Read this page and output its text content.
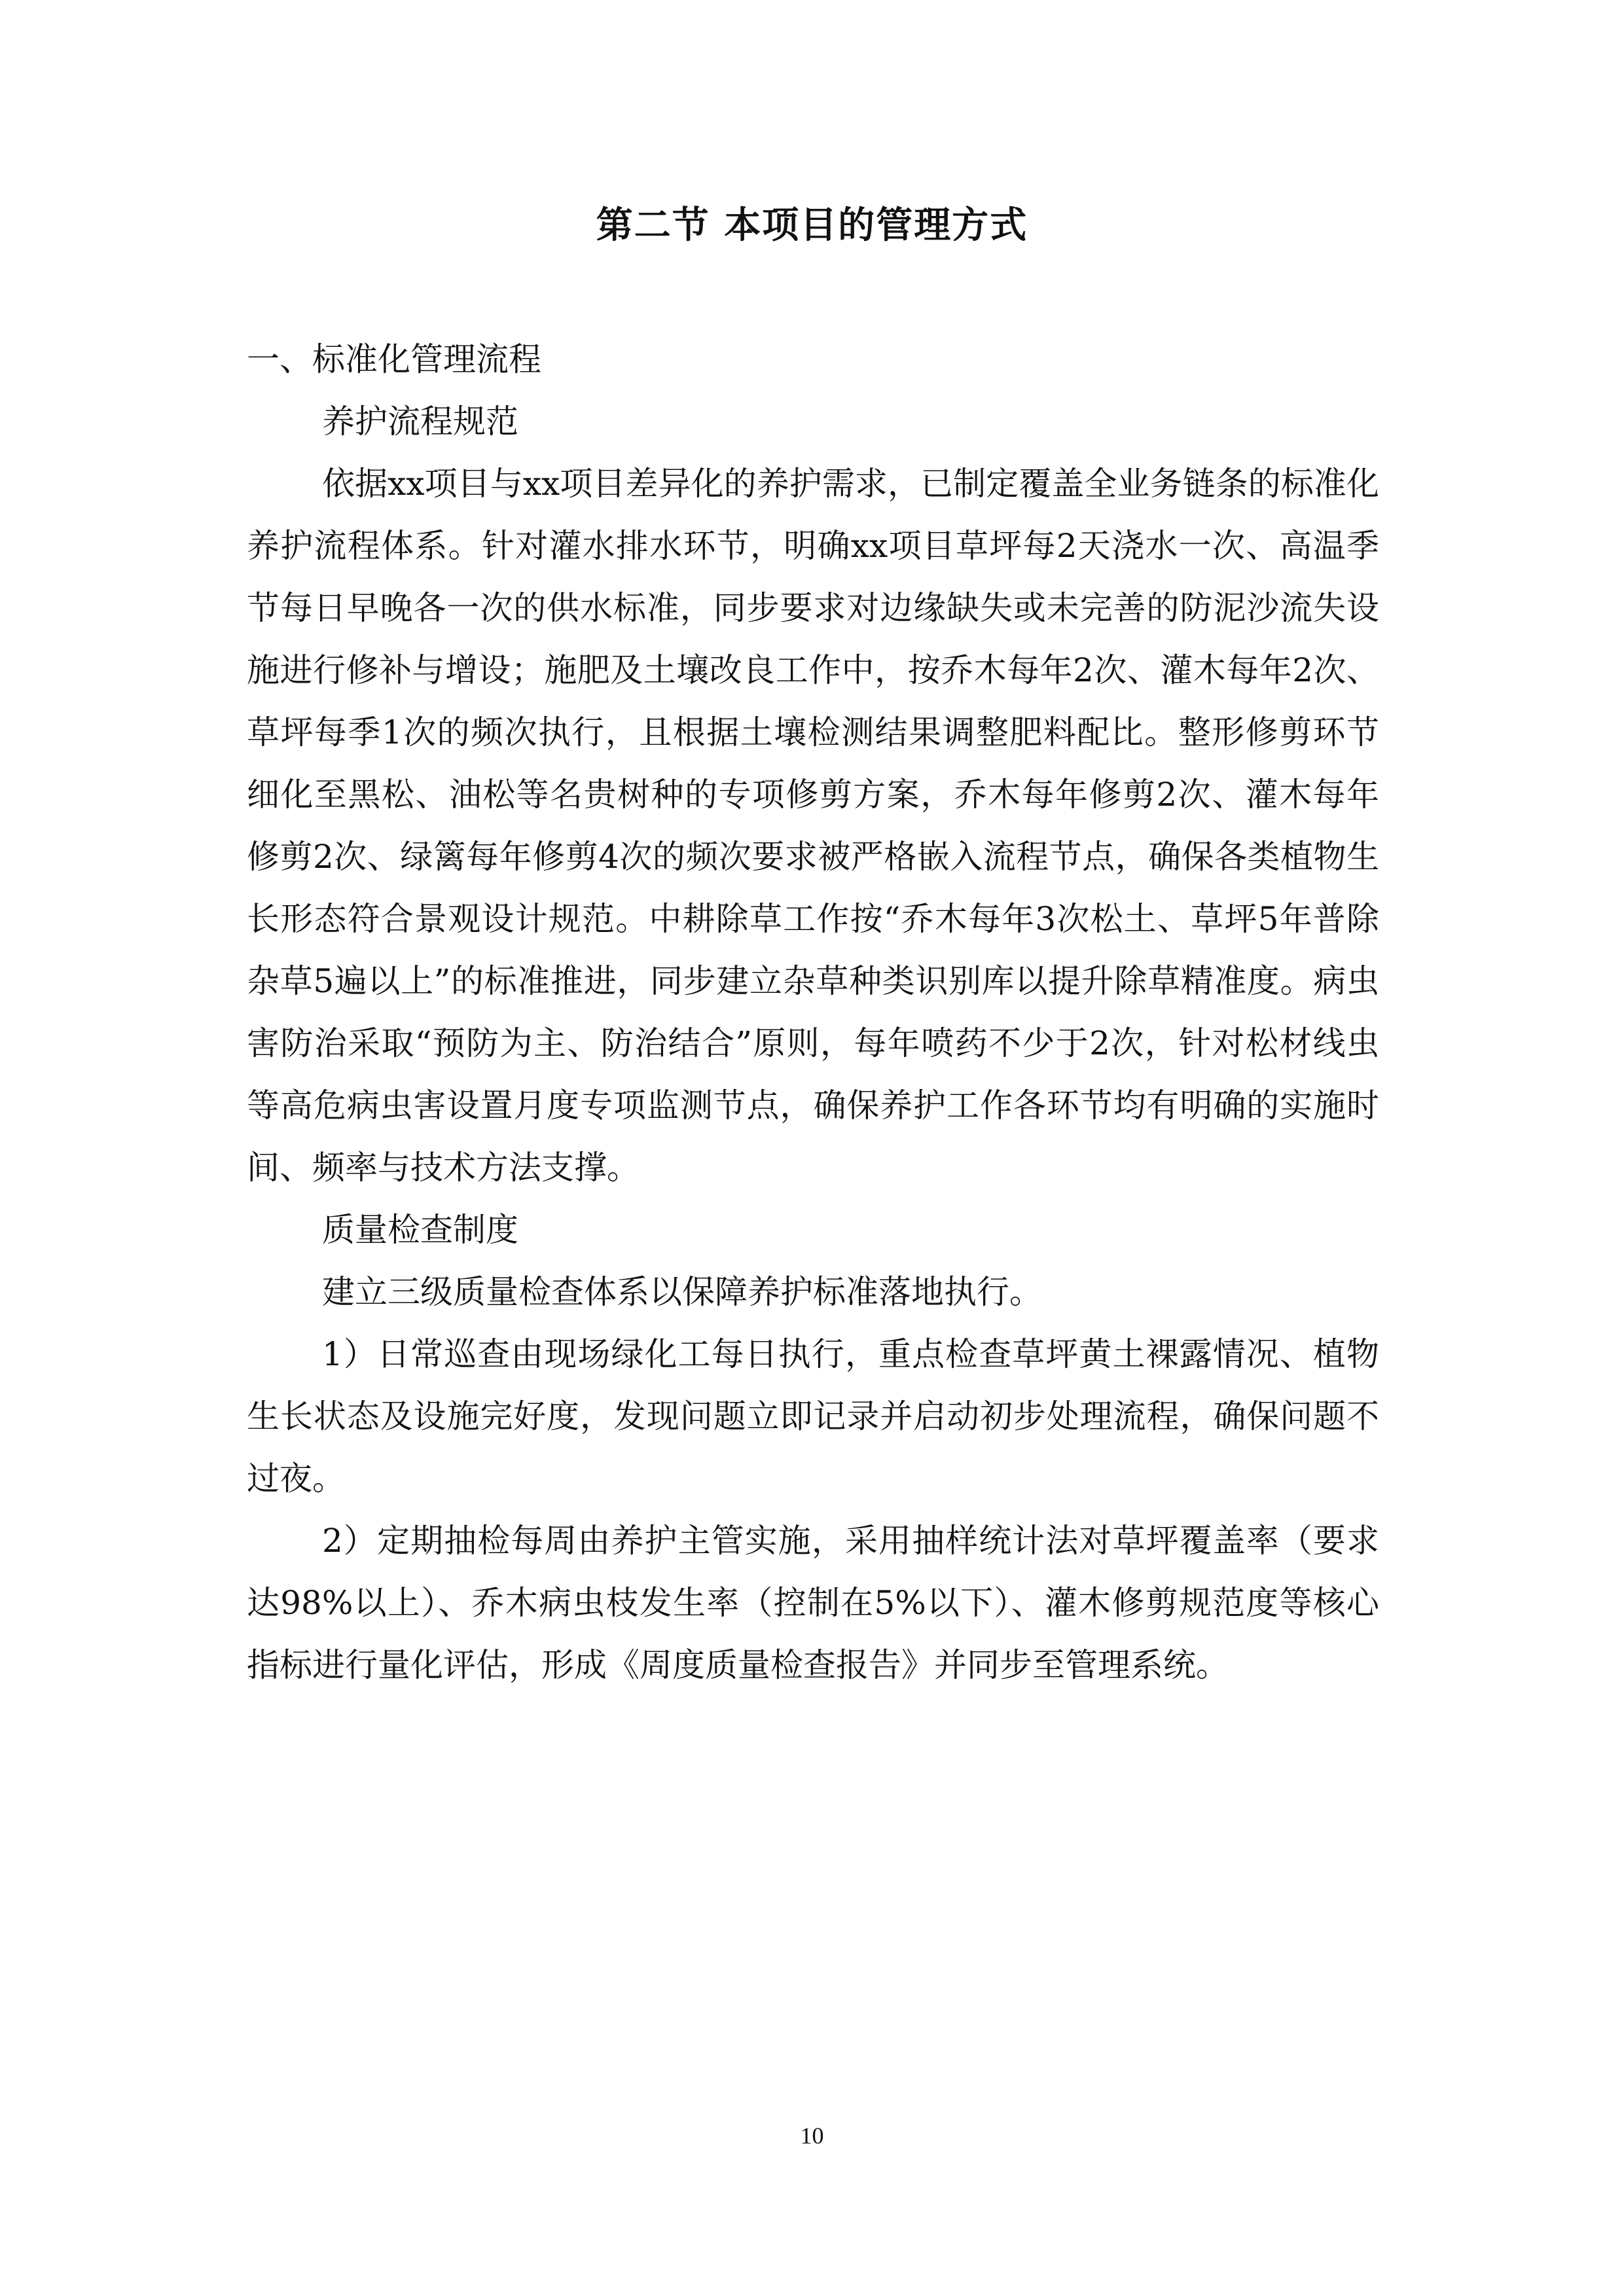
第二节 本项目的管理方式

一、标准化管理流程

养护流程规范

依据xx项目与xx项目差异化的养护需求，已制定覆盖全业务链条的标准化养护流程体系。针对灌水排水环节，明确xx项目草坪每2天浇水一次、高温季节每日早晚各一次的供水标准，同步要求对边缘缺失或未完善的防泥沙流失设施进行修补与增设；施肥及土壤改良工作中，按乔木每年2次、灌木每年2次、草坪每季1次的频次执行，且根据土壤检测结果调整肥料配比。整形修剪环节细化至黑松、油松等名贵树种的专项修剪方案，乔木每年修剪2次、灌木每年修剪2次、绿篱每年修剪4次的频次要求被严格嵌入流程节点，确保各类植物生长形态符合景观设计规范。中耕除草工作按“乔木每年3次松土、草坪5年普除杂草5遍以上”的标准推进，同步建立杂草种类识别库以提升除草精准度。病虫害防治采取“预防为主、防治结合”原则，每年喷药不少于2次，针对松材线虫等高危病虫害设置月度专项监测节点，确保养护工作各环节均有明确的实施时间、频率与技术方法支撑。

质量检查制度

建立三级质量检查体系以保障养护标准落地执行。

1）日常巡查由现场绿化工每日执行，重点检查草坪黄土裸露情况、植物生长状态及设施完好度，发现问题立即记录并启动初步处理流程，确保问题不过夜。

2）定期抽检每周由养护主管实施，采用抽样统计法对草坪覆盖率（要求达98%以上）、乔木病虫枝发生率（控制在5%以下）、灌木修剪规范度等核心指标进行量化评估，形成《周度质量检查报告》并同步至管理系统。

10
